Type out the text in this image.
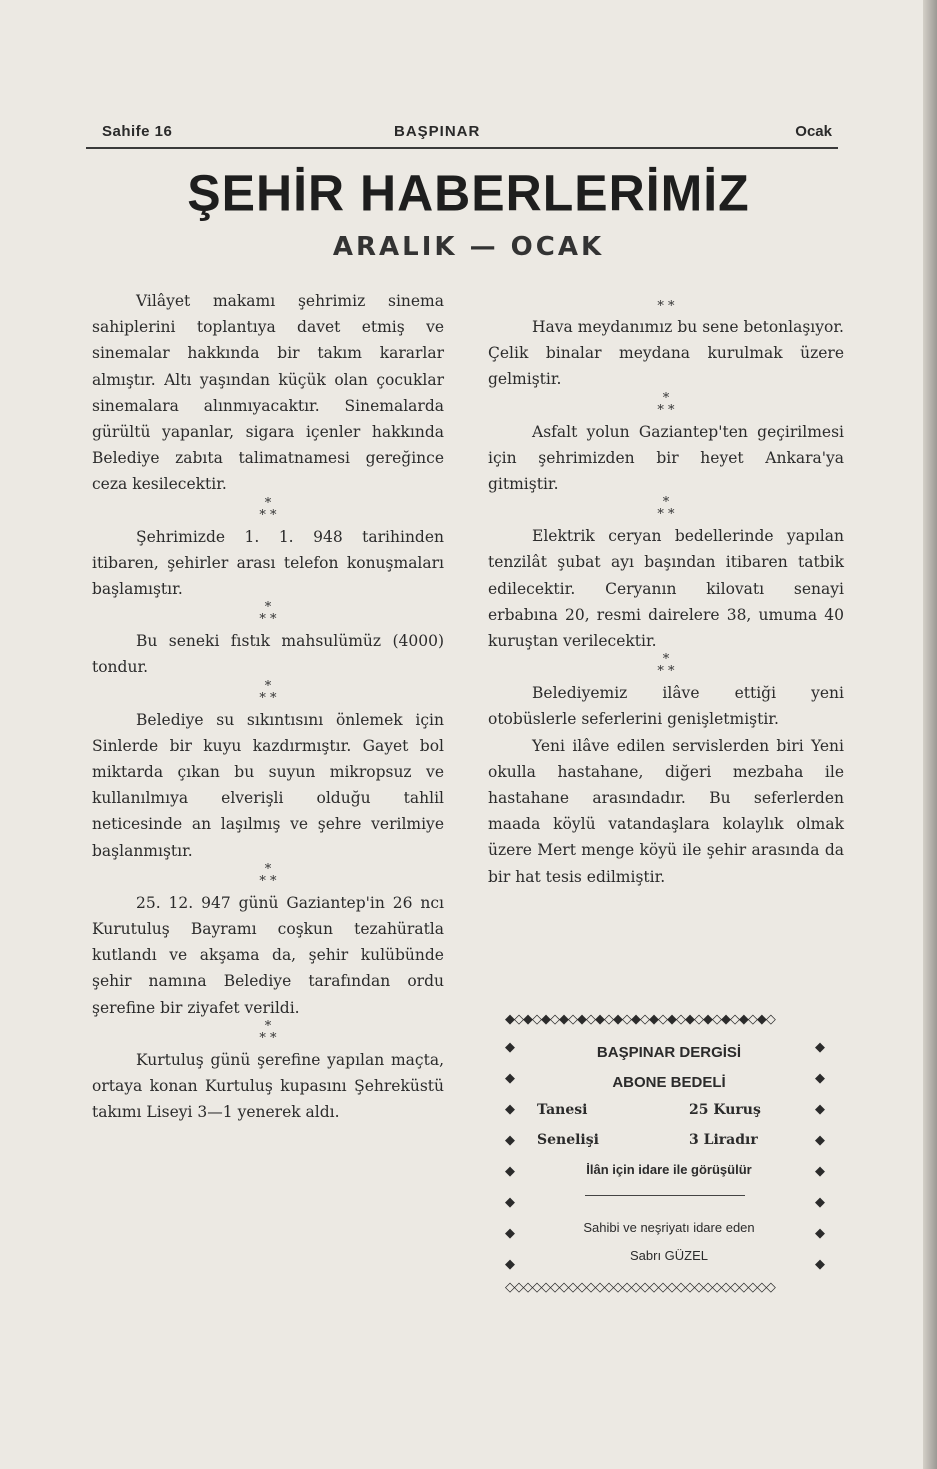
Sahife 16	BAŞPINAR	Ocak
ŞEHİR HABERLERİMİZ
ARALIK — OCAK

Vilâyet makamı şehrimiz sinema sahiplerini toplantıya davet etmiş ve sinemalar hakkında bir takım kararlar almıştır. Altı yaşından küçük olan çocuklar sinemalara alınmıyacaktır. Sinemalarda gürültü yapanlar, sigara içenler hakkında Belediye zabıta talimatnamesi gereğince ceza kesilecektir.

*
* *

Şehrimizde 1. 1. 948 tarihinden itibaren, şehirler arası telefon konuşmaları başlamıştır.

*
* *

Bu seneki fıstık mahsulümüz (4000) tondur.

*
* *

Belediye su sıkıntısını önlemek için Sinlerde bir kuyu kazdırmıştır. Gayet bol miktarda çıkan bu suyun mikropsuz ve kullanılmıya elverişli olduğu tahlil neticesinde an laşılmış ve şehre verilmiye başlanmıştır.

*
* *

25. 12. 947 günü Gaziantep'in 26 ncı Kurutuluş Bayramı coşkun tezahüratla kutlandı ve akşama da, şehir kulübünde şehir namına Belediye tarafından ordu şerefine bir ziyafet verildi.

*
* *

Kurtuluş günü şerefine yapılan maçta, ortaya konan Kurtuluş kupasını Şehreküstü takımı Liseyi 3—1 yenerek aldı.

* *

Hava meydanımız bu sene betonlaşıyor. Çelik binalar meydana kurulmak üzere gelmiştir.

*
* *

Asfalt yolun Gaziantep'ten geçirilmesi için şehrimizden bir heyet Ankara'ya gitmiştir.

*
* *

Elektrik ceryan bedellerinde yapılan tenzilât şubat ayı başından itibaren tatbik edilecektir. Ceryanın kilovatı senayi erbabına 20, resmi dairelere 38, umuma 40 kuruştan verilecektir.

*
* *

Belediyemiz ilâve ettiği yeni otobüslerle seferlerini genişletmiştir.

Yeni ilâve edilen servislerden biri Yeni okulla hastahane, diğeri mezbaha ile hastahane arasındadır. Bu seferlerden maada köylü vatandaşlara kolaylık olmak üzere Mert menge köyü ile şehir arasında da bir hat tesis edilmiştir.

◆◇◆◇◆◇◆◇◆◇◆◇◆◇◆◇◆◇◆◇◆◇◆◇◆◇◆◇◆◇
◆
◆
◆
◆
◆
◆
◆
◆
◆
◆
◆
◆
◆
◆
◆
◆
BAŞPINAR DERGİSİ
ABONE BEDELİ
Tanesi	25 Kuruş
Senelişi	3 Liradır
İlân için idare ile görüşülür
Sahibi ve neşriyatı idare eden
Sabrı GÜZEL
◇◇◇◇◇◇◇◇◇◇◇◇◇◇◇◇◇◇◇◇◇◇◇◇◇◇◇◇◇◇
